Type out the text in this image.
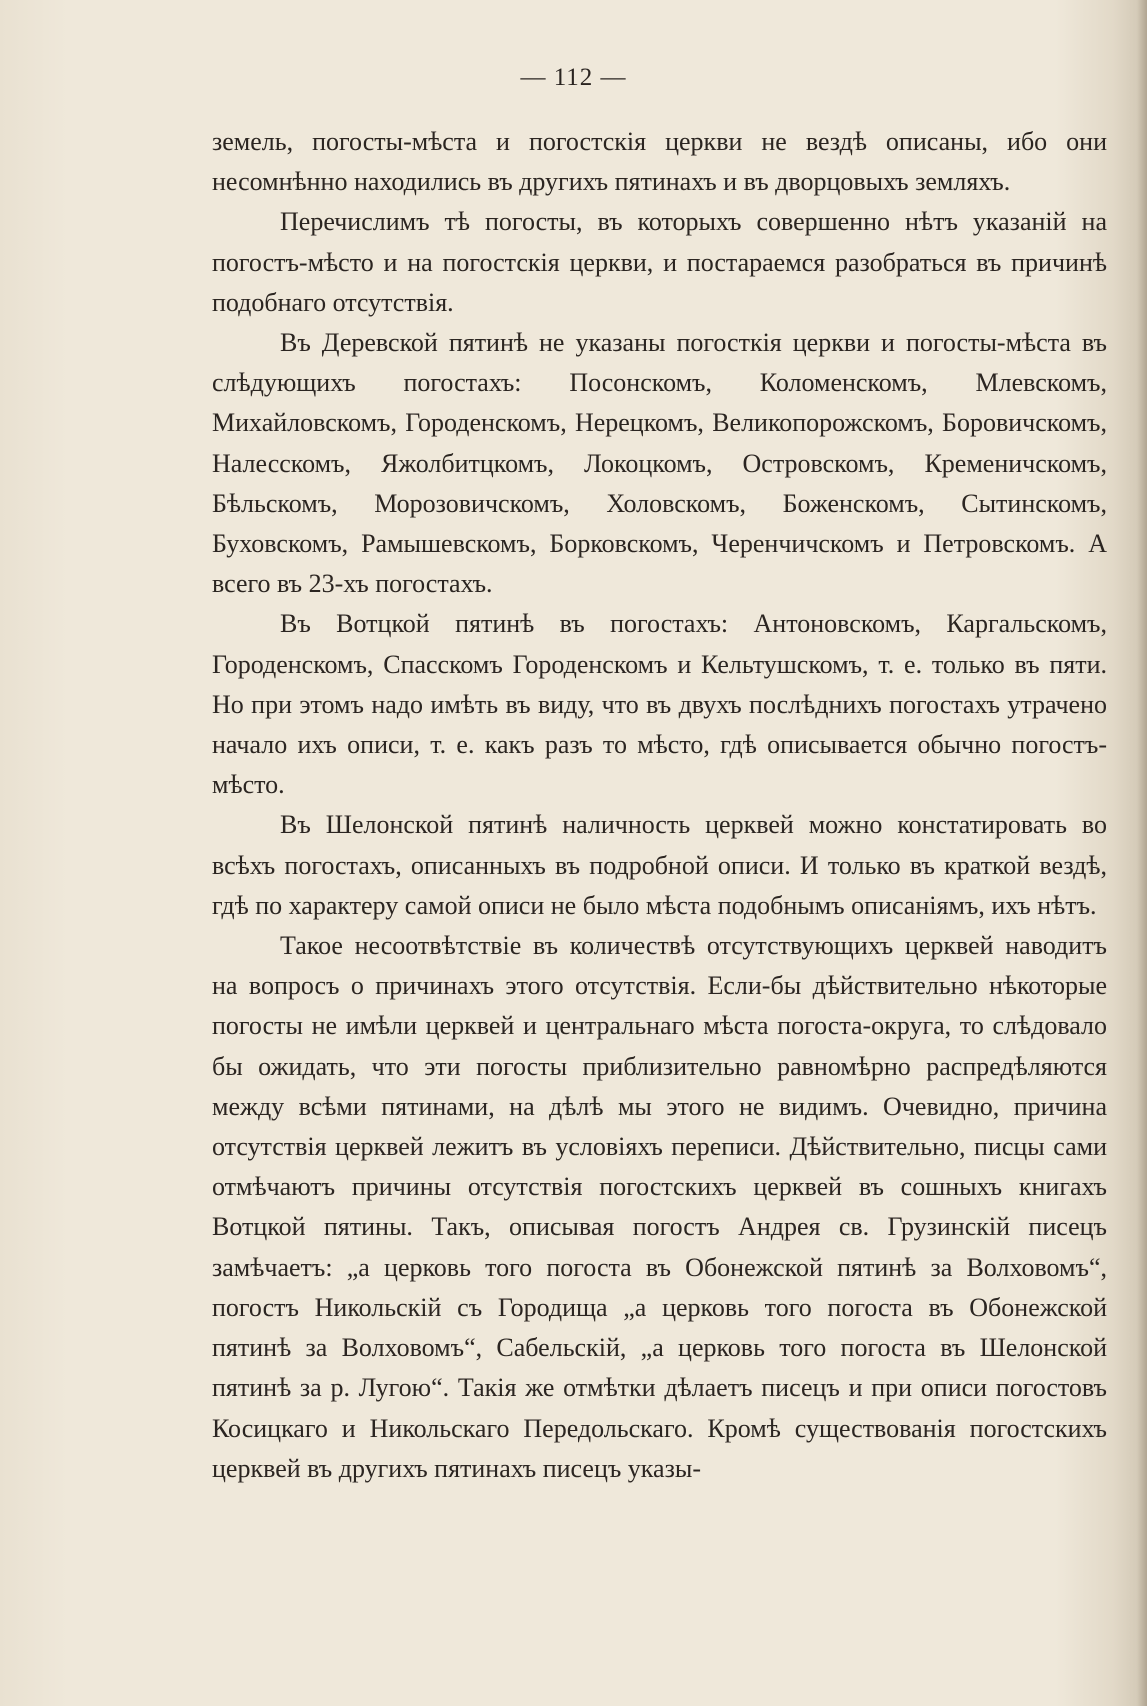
— 112 —

земель, погосты-мѣста и погостскія церкви не вездѣ описаны, ибо они несомнѣнно находились въ другихъ пятинахъ и въ дворцовыхъ земляхъ.

Перечислимъ тѣ погосты, въ которыхъ совершенно нѣтъ указаній на погостъ-мѣсто и на погостскія церкви, и постараемся разобраться въ причинѣ подобнаго отсутствія.

Въ Деревской пятинѣ не указаны погосткія церкви и погосты-мѣста въ слѣдующихъ погостахъ: Посонскомъ, Коломенскомъ, Млевскомъ, Михайловскомъ, Городенскомъ, Нерецкомъ, Великопорожскомъ, Боровичскомъ, Налесскомъ, Яжолбитцкомъ, Локоцкомъ, Островскомъ, Кременичскомъ, Бѣльскомъ, Морозовичскомъ, Холовскомъ, Боженскомъ, Сытинскомъ, Буховскомъ, Рамышевскомъ, Борковскомъ, Черенчичскомъ и Петровскомъ. А всего въ 23-хъ погостахъ.

Въ Вотцкой пятинѣ въ погостахъ: Антоновскомъ, Каргальскомъ, Городенскомъ, Спасскомъ Городенскомъ и Кельтушскомъ, т. е. только въ пяти. Но при этомъ надо имѣть въ виду, что въ двухъ послѣднихъ погостахъ утрачено начало ихъ описи, т. е. какъ разъ то мѣсто, гдѣ описывается обычно погостъ-мѣсто.

Въ Шелонской пятинѣ наличность церквей можно констатировать во всѣхъ погостахъ, описанныхъ въ подробной описи. И только въ краткой вездѣ, гдѣ по характеру самой описи не было мѣста подобнымъ описаніямъ, ихъ нѣтъ.

Такое несоотвѣтствіе въ количествѣ отсутствующихъ церквей наводитъ на вопросъ о причинахъ этого отсутствія. Если-бы дѣйствительно нѣкоторые погосты не имѣли церквей и центральнаго мѣста погоста-округа, то слѣдовало бы ожидать, что эти погосты приблизительно равномѣрно распредѣляются между всѣми пятинами, на дѣлѣ мы этого не видимъ. Очевидно, причина отсутствія церквей лежитъ въ условіяхъ переписи. Дѣйствительно, писцы сами отмѣчаютъ причины отсутствія погостскихъ церквей въ сошныхъ книгахъ Вотцкой пятины. Такъ, описывая погостъ Андрея св. Грузинскій писецъ замѣчаетъ: „а церковь того погоста въ Обонежской пятинѣ за Волховомъ“, погостъ Никольскій съ Городища „а церковь того погоста въ Обонежской пятинѣ за Волховомъ“, Сабельскій, „а церковь того погоста въ Шелонской пятинѣ за р. Лугою“. Такія же отмѣтки дѣлаетъ писецъ и при описи погостовъ Косицкаго и Никольскаго Передольскаго. Кромѣ существованія погостскихъ церквей въ другихъ пятинахъ писецъ указы-
